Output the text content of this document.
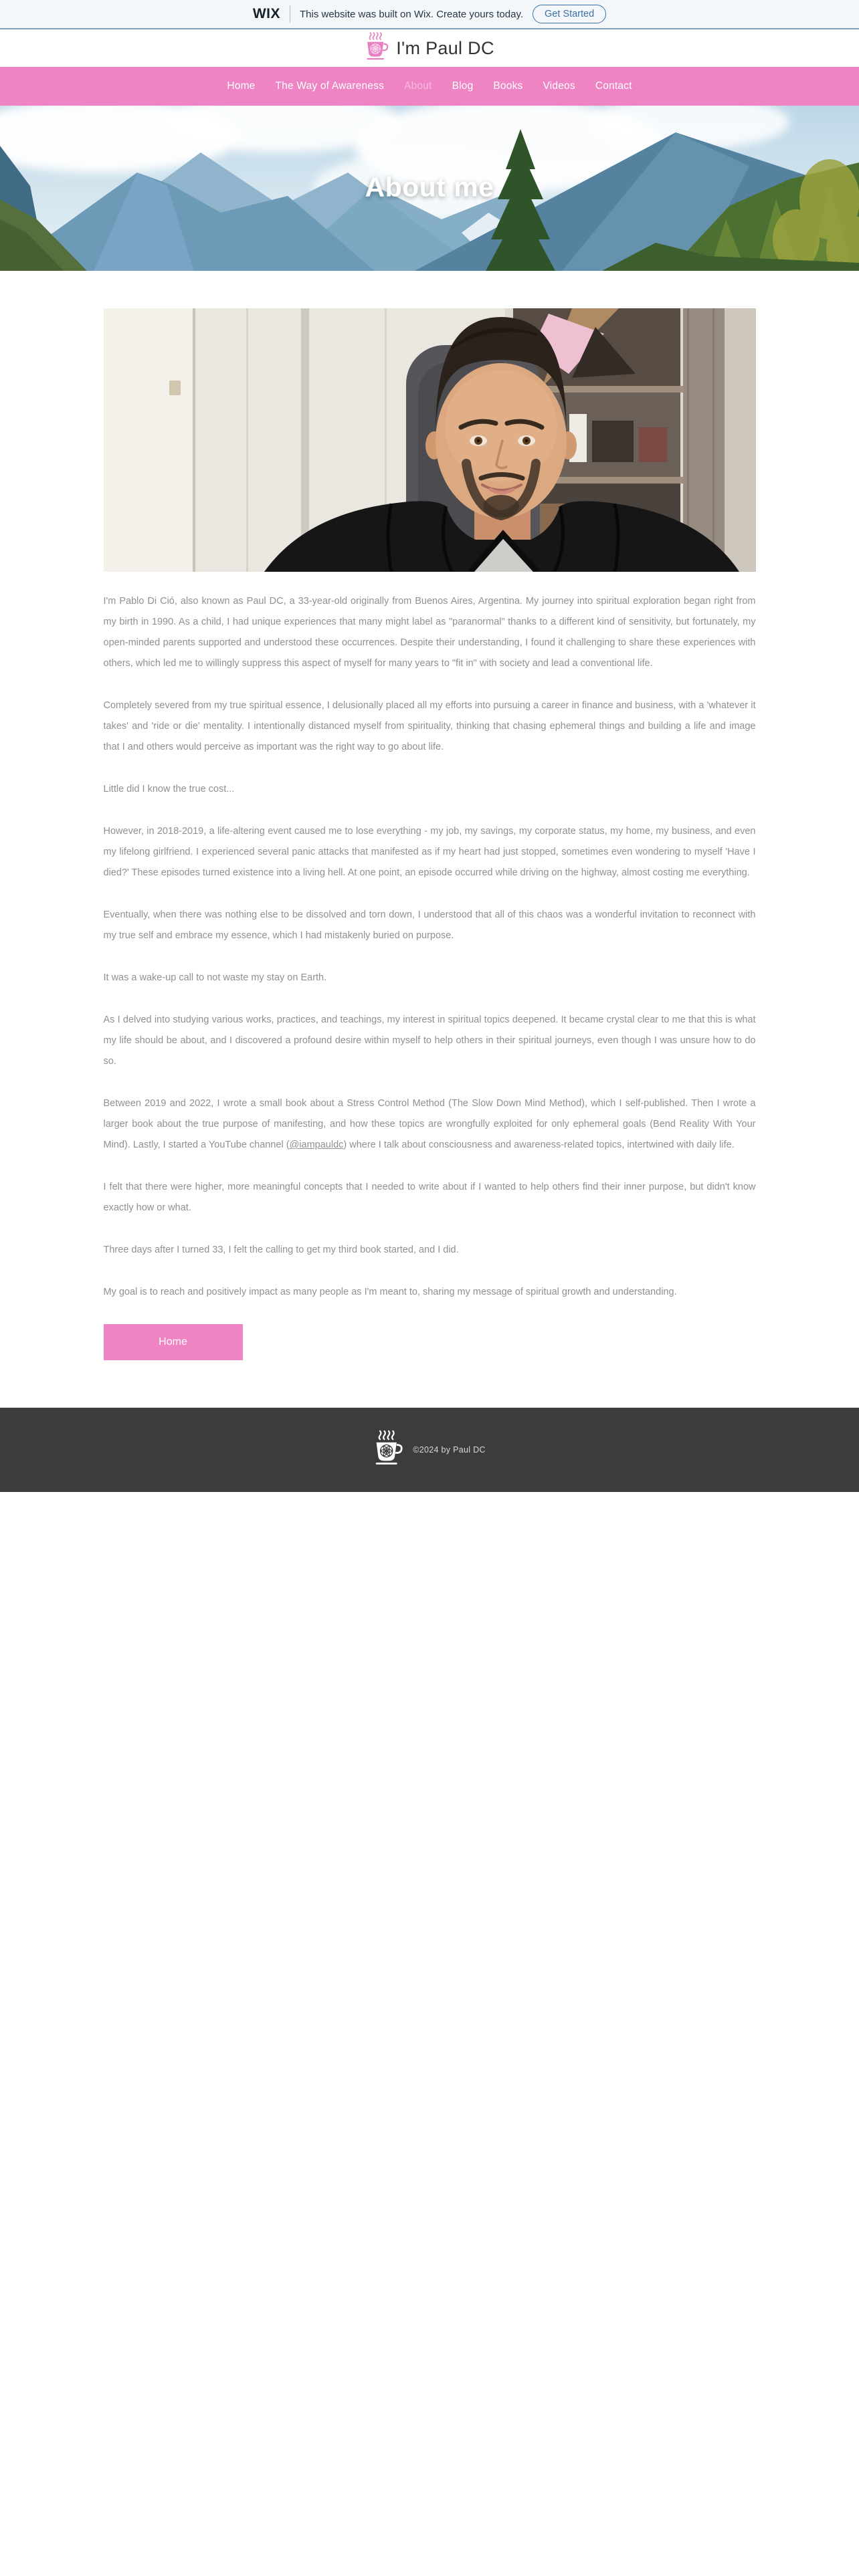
WIX This website was built on Wix. Create yours today.	Get Started
I'm Paul DC
Home The Way of Awareness About Blog Books Videos Contact
About me

I'm Pablo Di Ció, also known as Paul DC, a 33-year-old originally from Buenos Aires, Argentina. My journey into spiritual exploration began right from my birth in 1990. As a child, I had unique experiences that many might label as "paranormal" thanks to a different kind of sensitivity, but fortunately, my open-minded parents supported and understood these occurrences. Despite their understanding, I found it challenging to share these experiences with others, which led me to willingly suppress this aspect of myself for many years to "fit in" with society and lead a conventional life.

Completely severed from my true spiritual essence, I delusionally placed all my efforts into pursuing a career in finance and business, with a 'whatever it takes' and 'ride or die' mentality. I intentionally distanced myself from spirituality, thinking that chasing ephemeral things and building a life and image that I and others would perceive as important was the right way to go about life.

Little did I know the true cost...

However, in 2018-2019, a life-altering event caused me to lose everything - my job, my savings, my corporate status, my home, my business, and even my lifelong girlfriend. I experienced several panic attacks that manifested as if my heart had just stopped, sometimes even wondering to myself 'Have I died?' These episodes turned existence into a living hell. At one point, an episode occurred while driving on the highway, almost costing me everything.

Eventually, when there was nothing else to be dissolved and torn down, I understood that all of this chaos was a wonderful invitation to reconnect with my true self and embrace my essence, which I had mistakenly buried on purpose.

It was a wake-up call to not waste my stay on Earth.

As I delved into studying various works, practices, and teachings, my interest in spiritual topics deepened. It became crystal clear to me that this is what my life should be about, and I discovered a profound desire within myself to help others in their spiritual journeys, even though I was unsure how to do so.

Between 2019 and 2022, I wrote a small book about a Stress Control Method (The Slow Down Mind Method), which I self-published. Then I wrote a larger book about the true purpose of manifesting, and how these topics are wrongfully exploited for only ephemeral goals (Bend Reality With Your Mind). Lastly, I started a YouTube channel (@iampauldc) where I talk about consciousness and awareness-related topics, intertwined with daily life.

I felt that there were higher, more meaningful concepts that I needed to write about if I wanted to help others find their inner purpose, but didn't know exactly how or what.

Three days after I turned 33, I felt the calling to get my third book started, and I did.

My goal is to reach and positively impact as many people as I'm meant to, sharing my message of spiritual growth and understanding.

Home
©2024 by Paul DC
